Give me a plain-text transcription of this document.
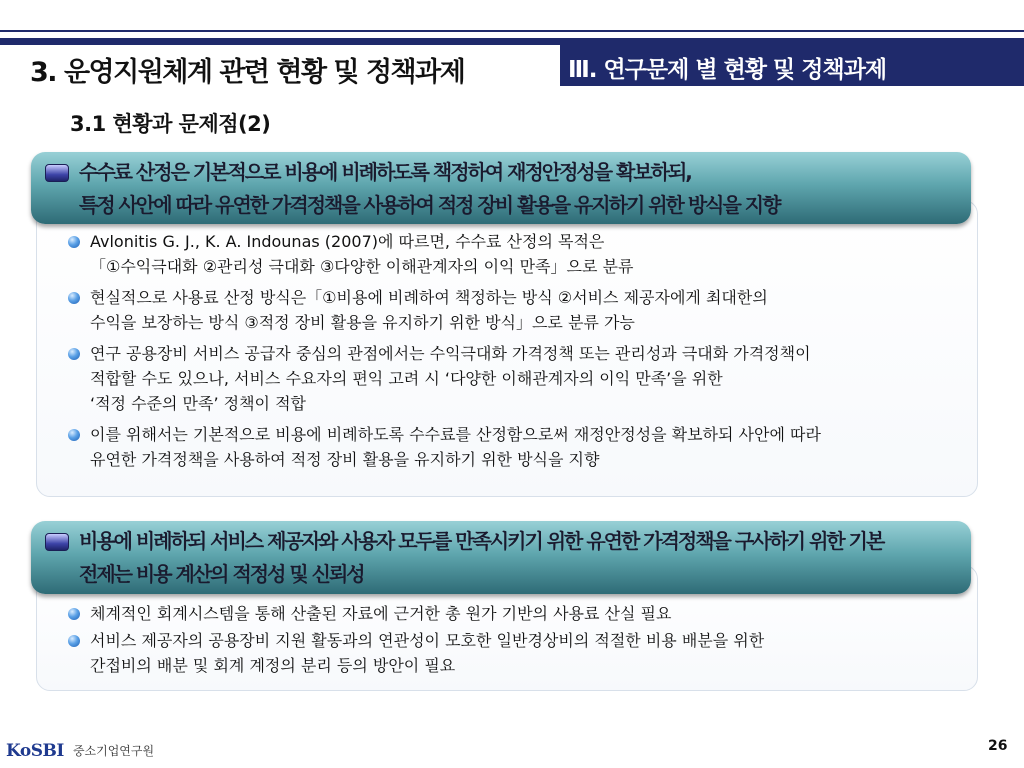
3. 운영지원체계 관련 현황 및 정책과제	Ⅲ. 연구문제 별 현황 및 정책과제
3.1 현황과 문제점(2)
수수료 산정은 기본적으로 비용에 비례하도록 책정하여 재정안정성을 확보하되,
특정 사안에 따라 유연한 가격정책을 사용하여 적정 장비 활용을 유지하기 위한 방식을 지향
Avlonitis G. J., K. A. Indounas (2007)에 따르면, 수수료 산정의 목적은
「①수익극대화 ②관리성 극대화 ③다양한 이해관계자의 이익 만족」으로 분류
현실적으로 사용료 산정 방식은「①비용에 비례하여 책정하는 방식 ②서비스 제공자에게 최대한의
수익을 보장하는 방식 ③적정 장비 활용을 유지하기 위한 방식」으로 분류 가능
연구 공용장비 서비스 공급자 중심의 관점에서는 수익극대화 가격정책 또는 관리성과 극대화 가격정책이
적합할 수도 있으나, 서비스 수요자의 편익 고려 시 ‘다양한 이해관계자의 이익 만족’을 위한
‘적정 수준의 만족’ 정책이 적합
이를 위해서는 기본적으로 비용에 비례하도록 수수료를 산정함으로써 재정안정성을 확보하되 사안에 따라
유연한 가격정책을 사용하여 적정 장비 활용을 유지하기 위한 방식을 지향
비용에 비례하되 서비스 제공자와 사용자 모두를 만족시키기 위한 유연한 가격정책을 구사하기 위한 기본
전제는 비용 계산의 적정성 및 신뢰성
체계적인 회계시스템을 통해 산출된 자료에 근거한 총 원가 기반의 사용료 산실 필요
서비스 제공자의 공용장비 지원 활동과의 연관성이 모호한 일반경상비의 적절한 비용 배분을 위한
간접비의 배분 및 회계 계정의 분리 등의 방안이 필요
KoSBI 중소기업연구원	26
